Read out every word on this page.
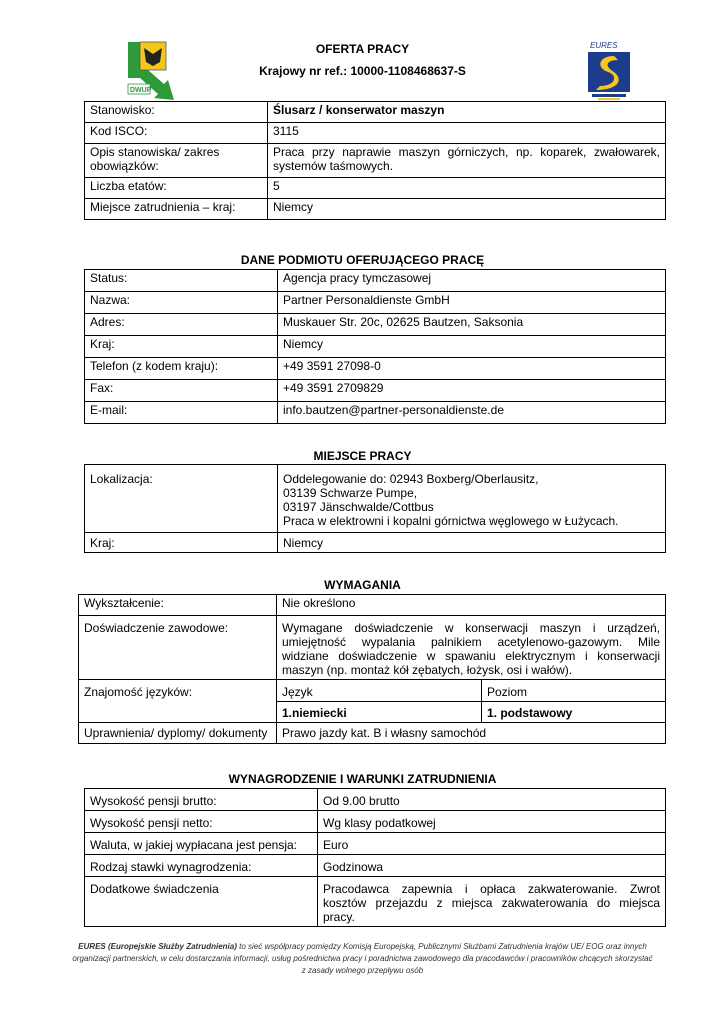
DWUP
OFERTA PRACY
Krajowy nr ref.: 10000-1108468637-S
EURES
Stanowisko:	Ślusarz / konserwator maszyn
Kod ISCO:	3115
Opis stanowiska/ zakres obowiązków:	Praca przy naprawie maszyn górniczych, np. koparek, zwałowarek, systemów taśmowych.
Liczba etatów:	5
Miejsce zatrudnienia – kraj:	Niemcy
DANE PODMIOTU OFERUJĄCEGO PRACĘ
Status:	Agencja pracy tymczasowej
Nazwa:	Partner Personaldienste GmbH
Adres:	Muskauer Str. 20c, 02625 Bautzen, Saksonia
Kraj:	Niemcy
Telefon (z kodem kraju):	+49 3591 27098-0
Fax:	+49 3591 2709829
E-mail:	info.bautzen@partner-personaldienste.de
MIEJSCE PRACY
Lokalizacja:	Oddelegowanie do: 02943 Boxberg/Oberlausitz,
03139 Schwarze Pumpe,
03197 Jänschwalde/Cottbus
Praca w elektrowni i kopalni górnictwa węglowego w Łużycach.

Kraj:	Niemcy
WYMAGANIA
Wykształcenie:	Nie określono	
Doświadczenie zawodowe:	Wymagane doświadczenie w konserwacji maszyn i urządzeń, umiejętność wypalania palnikiem acetylenowo-gazowym. Mile widziane doświadczenie w spawaniu elektrycznym i konserwacji maszyn (np. montaż kół zębatych, łożysk, osi i wałów).	
Znajomość języków:	Język	Poziom
	1.niemiecki	1. podstawowy
Uprawnienia/ dyplomy/ dokumenty	Prawo jazdy kat. B i własny samochód	
WYNAGRODZENIE I WARUNKI ZATRUDNIENIA
Wysokość pensji brutto:	Od 9.00 brutto
Wysokość pensji netto:	Wg klasy podatkowej
Waluta, w jakiej wypłacana jest pensja:	Euro
Rodzaj stawki wynagrodzenia:	Godzinowa
Dodatkowe świadczenia	Pracodawca zapewnia i opłaca zakwaterowanie. Zwrot kosztów przejazdu z miejsca zakwaterowania do miejsca pracy.
EURES (Europejskie Służby Zatrudnienia) to sieć współpracy pomiędzy Komisją Europejską, Publicznymi Służbami Zatrudnienia krajów UE/ EOG oraz innych organizacji partnerskich, w celu dostarczania informacji, usług pośrednictwa pracy i poradnictwa zawodowego dla pracodawców i pracowników chcących skorzystać z zasady wolnego przepływu osób
